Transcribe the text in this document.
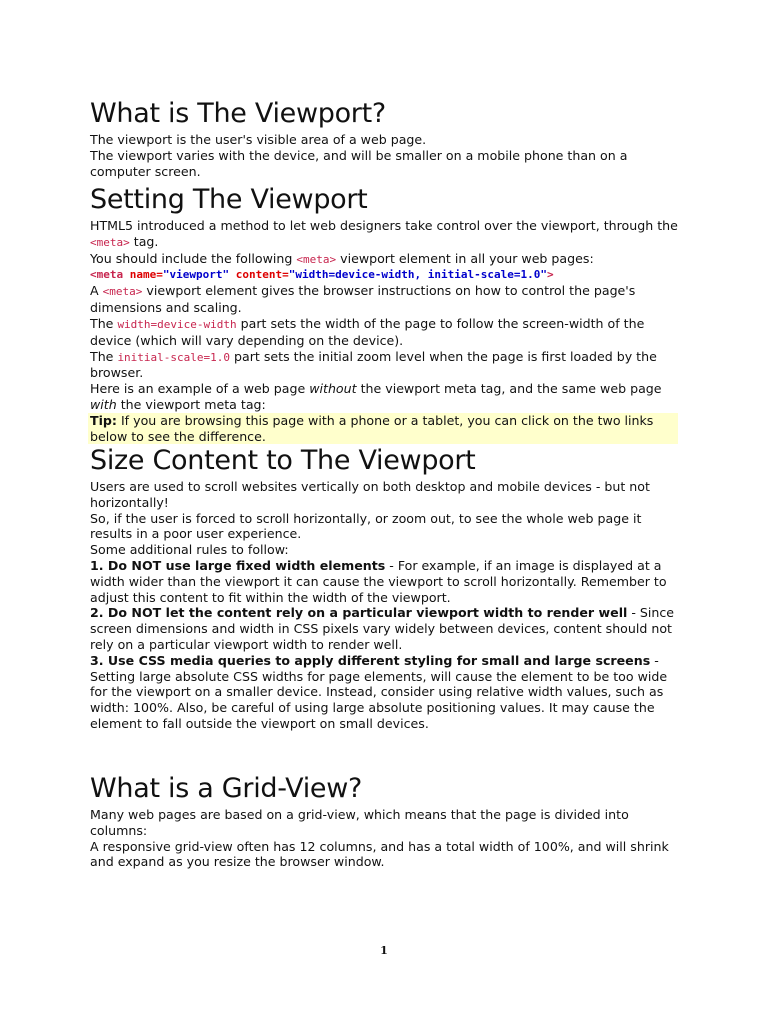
What is The Viewport?

The viewport is the user's visible area of a web page.

The viewport varies with the device, and will be smaller on a mobile phone than on a computer screen.

Setting The Viewport

HTML5 introduced a method to let web designers take control over the viewport, through the <meta> tag.

You should include the following <meta> viewport element in all your web pages:

<meta name="viewport" content="width=device-width, initial-scale=1.0">

A <meta> viewport element gives the browser instructions on how to control the page's dimensions and scaling.

The width=device-width part sets the width of the page to follow the screen-width of the device (which will vary depending on the device).

The initial-scale=1.0 part sets the initial zoom level when the page is first loaded by the browser.

Here is an example of a web page without the viewport meta tag, and the same web page with the viewport meta tag:

Tip: If you are browsing this page with a phone or a tablet, you can click on the two links below to see the difference.

Size Content to The Viewport

Users are used to scroll websites vertically on both desktop and mobile devices - but not horizontally!

So, if the user is forced to scroll horizontally, or zoom out, to see the whole web page it results in a poor user experience.

Some additional rules to follow:

1. Do NOT use large fixed width elements - For example, if an image is displayed at a width wider than the viewport it can cause the viewport to scroll horizontally. Remember to adjust this content to fit within the width of the viewport.

2. Do NOT let the content rely on a particular viewport width to render well - Since screen dimensions and width in CSS pixels vary widely between devices, content should not rely on a particular viewport width to render well.

3. Use CSS media queries to apply different styling for small and large screens - Setting large absolute CSS widths for page elements, will cause the element to be too wide for the viewport on a smaller device. Instead, consider using relative width values, such as width: 100%. Also, be careful of using large absolute positioning values. It may cause the element to fall outside the viewport on small devices.

What is a Grid-View?

Many web pages are based on a grid-view, which means that the page is divided into columns:

A responsive grid-view often has 12 columns, and has a total width of 100%, and will shrink and expand as you resize the browser window.

1
